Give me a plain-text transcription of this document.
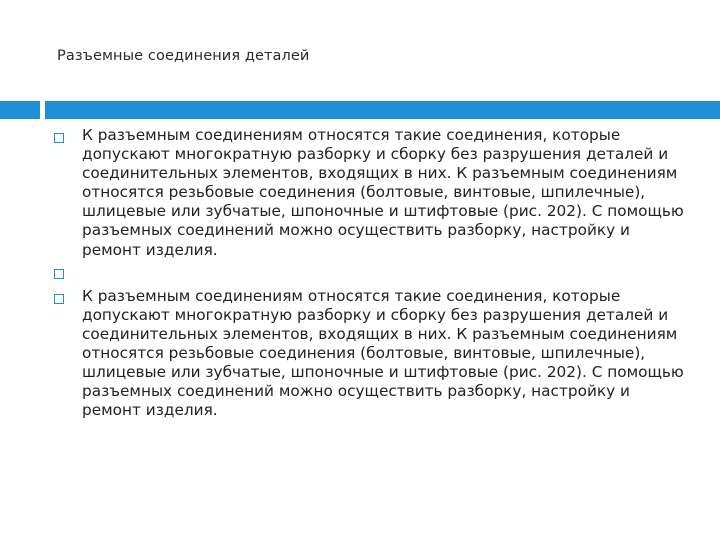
Разъемные соединения деталей
К разъемным соединениям относятся такие соединения, которые допускают многократную разборку и сборку без разрушения деталей и соединительных элементов, входящих в них. К разъемным соединениям относятся резьбовые соединения (болтовые, винтовые, шпилечные), шлицевые или зубчатые, шпоночные и штифтовые (рис. 202). С помощью разъемных соединений можно осуществить разборку, настройку и ремонт изделия.
К разъемным соединениям относятся такие соединения, которые допускают многократную разборку и сборку без разрушения деталей и соединительных элементов, входящих в них. К разъемным соединениям относятся резьбовые соединения (болтовые, винтовые, шпилечные), шлицевые или зубчатые, шпоночные и штифтовые (рис. 202). С помощью разъемных соединений можно осуществить разборку, настройку и ремонт изделия.
